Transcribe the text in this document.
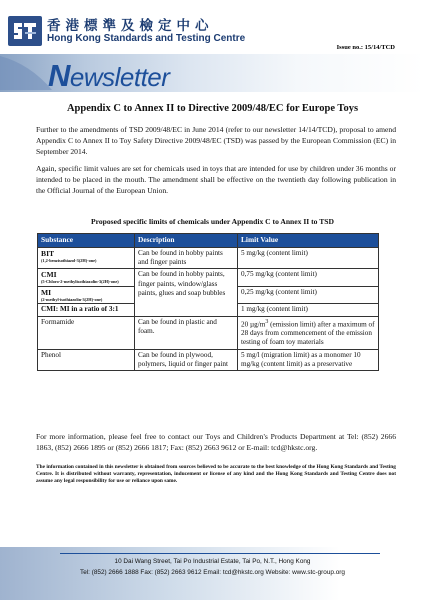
香港標準及檢定中心
Hong Kong Standards and Testing Centre
Issue no.: 15/14/TCD
Newsletter
Appendix C to Annex II to Directive 2009/48/EC for Europe Toys

Further to the amendments of TSD 2009/48/EC in June 2014 (refer to our newsletter 14/14/TCD), proposal to amend Appendix C to Annex II to Toy Safety Directive 2009/48/EC (TSD) was passed by the European Commission (EC) in September 2014.

Again, specific limit values are set for chemicals used in toys that are intended for use by children under 36 months or intended to be placed in the mouth. The amendment shall be effective on the twentieth day following publication in the Official Journal of the European Union.

Proposed specific limits of chemicals under Appendix C to Annex II to TSD
Substance	Description	Limit Value

BIT
(1,2-benzisothiazol-3(2H)-one)	Can be found in hobby paints and finger paints	5 mg/kg (content limit)

CMI
(5-Chloro-2-methylisothiazolin-3(2H)-one)	Can be found in hobby paints, finger paints, window/glass paints, glues and soap bubbles	0,75 mg/kg (content limit)

MI
(2-methyl-isothiazolin-3(2H)-one)		0,25 mg/kg (content limit)
CMI: MI in a ratio of 3:1		1 mg/kg (content limit)
Formamide	Can be found in plastic and foam.	20 $\mu g/m^3$ (emission limit) after a maximum of 28 days from commencement of the emission testing of foam toy materials
Phenol	Can be found in plywood, polymers, liquid or finger paint	5 mg/l (migration limit) as a monomer 10 mg/kg (content limit) as a preservative

For more information, please feel free to contact our Toys and Children's Products Department at Tel: (852) 2666 1863, (852) 2666 1895 or (852) 2666 1817; Fax: (852) 2663 9612 or E-mail: tcd@hkstc.org.

The information contained in this newsletter is obtained from sources believed to be accurate to the best knowledge of the Hong Kong Standards and Testing Centre. It is distributed without warranty, representation, inducement or license of any kind and the Hong Kong Standards and Testing Centre does not assume any legal responsibility for use or reliance upon same.

10 Dai Wang Street, Tai Po Industrial Estate, Tai Po, N.T., Hong Kong
Tel: (852) 2666 1888 Fax: (852) 2663 9612 Email: tcd@hkstc.org Website: www.stc-group.org
